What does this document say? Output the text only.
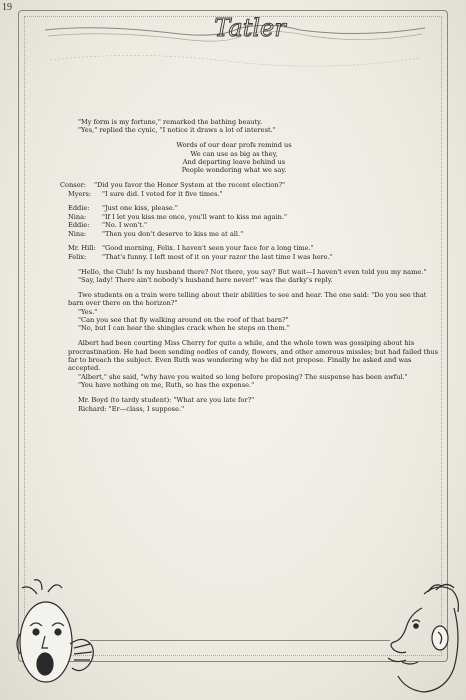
19
Tatler
"My form is my fortune," remarked the bathing beauty.
"Yes," replied the cynic, "I notice it draws a lot of interest."
Words of our dear profs remind us
We can use as big as they,
And departing leave behind us
People wondering what we say.
Consor:	"Did you favor the Honor System at the recent election?"
Myers:	"I sure did. I voted for it five times."
Eddie:	"Just one kiss, please."
Nina:	"If I let you kiss me once, you'll want to kiss me again."
Eddie:	"No. I won't."
Nina:	"Then you don't deserve to kiss me at all."
Mr. Hill: "Good morning, Felix. I haven't seen your face for a long time."
Felix:	"That's funny. I left most of it on your razor the last time I was here."
"Hello, the Club! Is my husband there? Not there, you say? But wait—I haven't even told you my name."
"Say, lady! There ain't nobody's husband here never!" was the darky's reply.
Two students on a train were telling about their abilities to see and hear. The one said: "Do you see that barn over there on the horizon?"
"Yes."
"Can you see that fly walking around on the roof of that barn?"
"No, but I can hear the shingles crack when he steps on them."
Albert had been courting Miss Cherry for quite a while, and the whole town was gossiping about his procrastination. He had been sending oodles of candy, flowers, and other amorous missles; but had failed thus far to broach the subject. Even Ruth was wondering why he did not propose. Finally he asked and was accepted.
"Albert," she said, "why have you waited so long before proposing? The suspense has been awful."
"You have nothing on me, Ruth, so has the expense."
Mr. Boyd (to tardy student): "What are you late for?"
Richard: "Er—class, I suppose."
